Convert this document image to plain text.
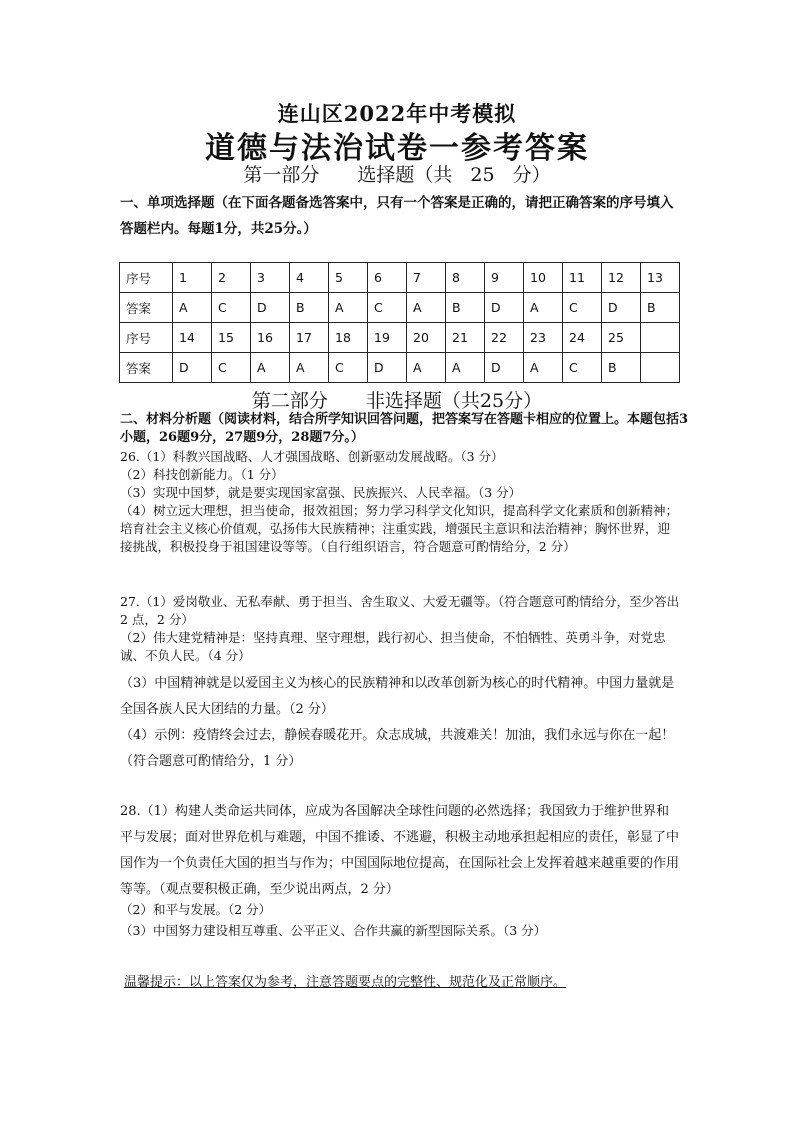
连山区2022年中考模拟
道德与法治试卷一参考答案
第一部分　　选择题（共 25 分）
一、单项选择题（在下面各题备选答案中，只有一个答案是正确的，请把正确答案的序号填入答题栏内。每题1分，共25分。）
序号	1	2	3	4	5	6	7	8	9	10	11	12	13
答案	A	C	D	B	A	C	A	B	D	A	C	D	B
序号	14	15	16	17	18	19	20	21	22	23	24	25	
答案	D	C	A	A	C	D	A	A	D	A	C	B	
第二部分　　非选择题（共25分）
二、材料分析题（阅读材料，结合所学知识回答问题，把答案写在答题卡相应的位置上。本题包括3小题，26题9分，27题9分，28题7分。）
26.（1）科教兴国战略、人才强国战略、创新驱动发展战略。（3 分）
（2）科技创新能力。（1 分）
（3）实现中国梦，就是要实现国家富强、民族振兴、人民幸福。（3 分）
（4）树立远大理想，担当使命，报效祖国；努力学习科学文化知识，提高科学文化素质和创新精神；培育社会主义核心价值观，弘扬伟大民族精神；注重实践，增强民主意识和法治精神；胸怀世界，迎接挑战，积极投身于祖国建设等等。（自行组织语言，符合题意可酌情给分，2 分）
27.（1）爱岗敬业、无私奉献、勇于担当、舍生取义、大爱无疆等。（符合题意可酌情给分，至少答出 2 点，2 分）
（2）伟大建党精神是：坚持真理、坚守理想，践行初心、担当使命，不怕牺牲、英勇斗争，对党忠诚、不负人民。（4 分）
（3）中国精神就是以爱国主义为核心的民族精神和以改革创新为核心的时代精神。中国力量就是全国各族人民大团结的力量。（2 分）
（4）示例：疫情终会过去，静候春暖花开。众志成城，共渡难关！加油，我们永远与你在一起！（符合题意可酌情给分，1 分）
28.（1）构建人类命运共同体，应成为各国解决全球性问题的必然选择；我国致力于维护世界和平与发展；面对世界危机与难题，中国不推诿、不逃避，积极主动地承担起相应的责任，彰显了中国作为一个负责任大国的担当与作为；中国国际地位提高，在国际社会上发挥着越来越重要的作用等等。（观点要积极正确，至少说出两点，2 分）
（2）和平与发展。（2 分）
（3）中国努力建设相互尊重、公平正义、合作共赢的新型国际关系。（3 分）
温馨提示：以上答案仅为参考，注意答题要点的完整性、规范化及正常顺序。
